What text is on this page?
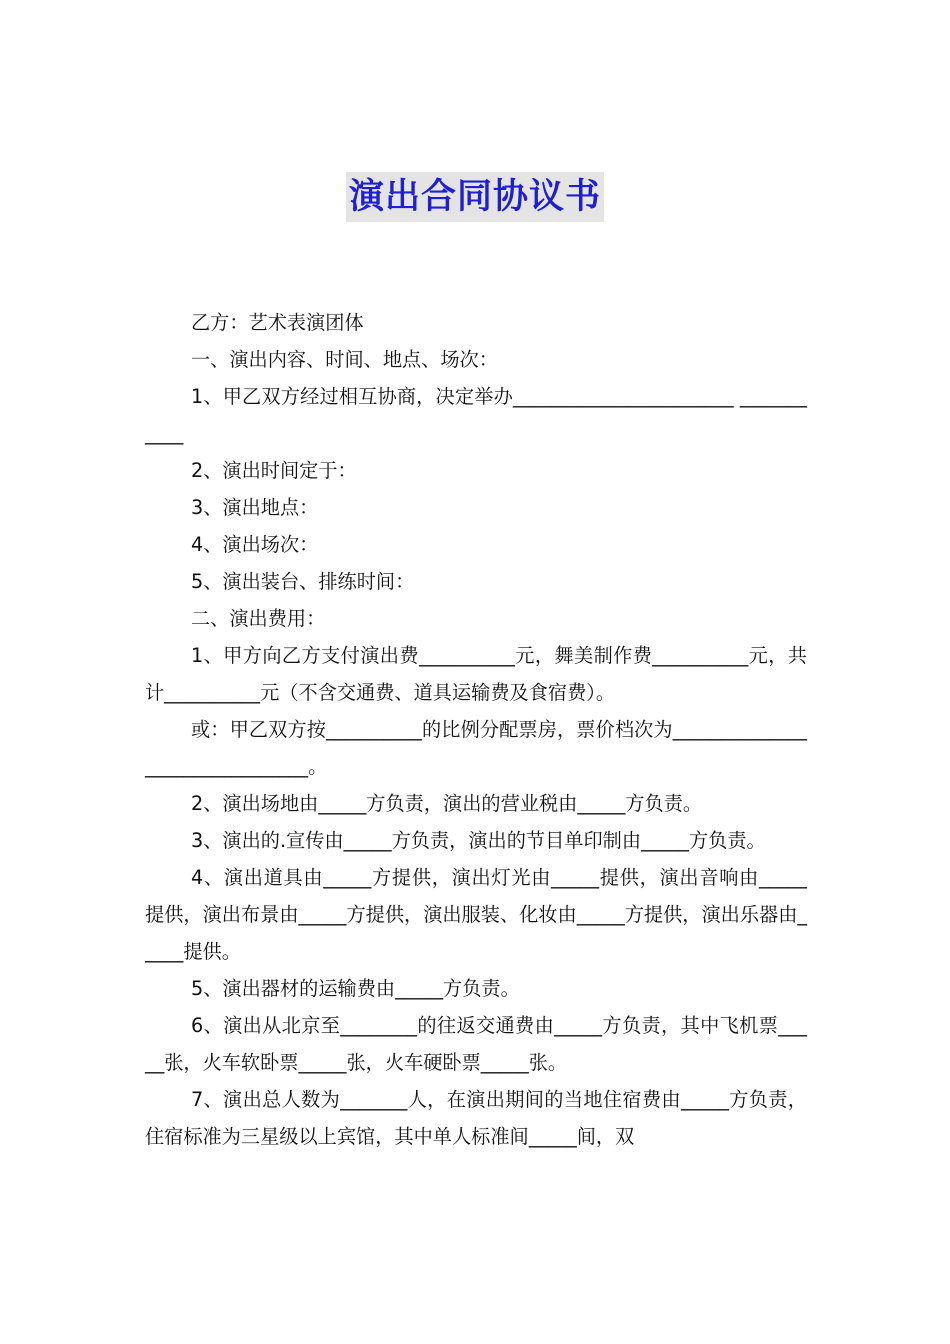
演出合同协议书

乙方：艺术表演团体

一、演出内容、时间、地点、场次：

1、甲乙双方经过相互协商，决定举办_______________________ ___________

2、演出时间定于：

3、演出地点：

4、演出场次：

5、演出装台、排练时间：

二、演出费用：

1、甲方向乙方支付演出费__________元，舞美制作费__________元，共计__________元（不含交通费、道具运输费及食宿费）。

或：甲乙双方按__________的比例分配票房，票价档次为_______________________________。

2、演出场地由_____方负责，演出的营业税由_____方负责。

3、演出的.宣传由_____方负责，演出的节目单印制由_____方负责。

4、演出道具由_____方提供，演出灯光由_____提供，演出音响由_____提供，演出布景由_____方提供，演出服装、化妆由_____方提供，演出乐器由_____提供。

5、演出器材的运输费由_____方负责。

6、演出从北京至________的往返交通费由_____方负责，其中飞机票_____张，火车软卧票_____张，火车硬卧票_____张。

7、演出总人数为_______人，在演出期间的当地住宿费由_____方负责，住宿标准为三星级以上宾馆，其中单人标准间_____间，双
